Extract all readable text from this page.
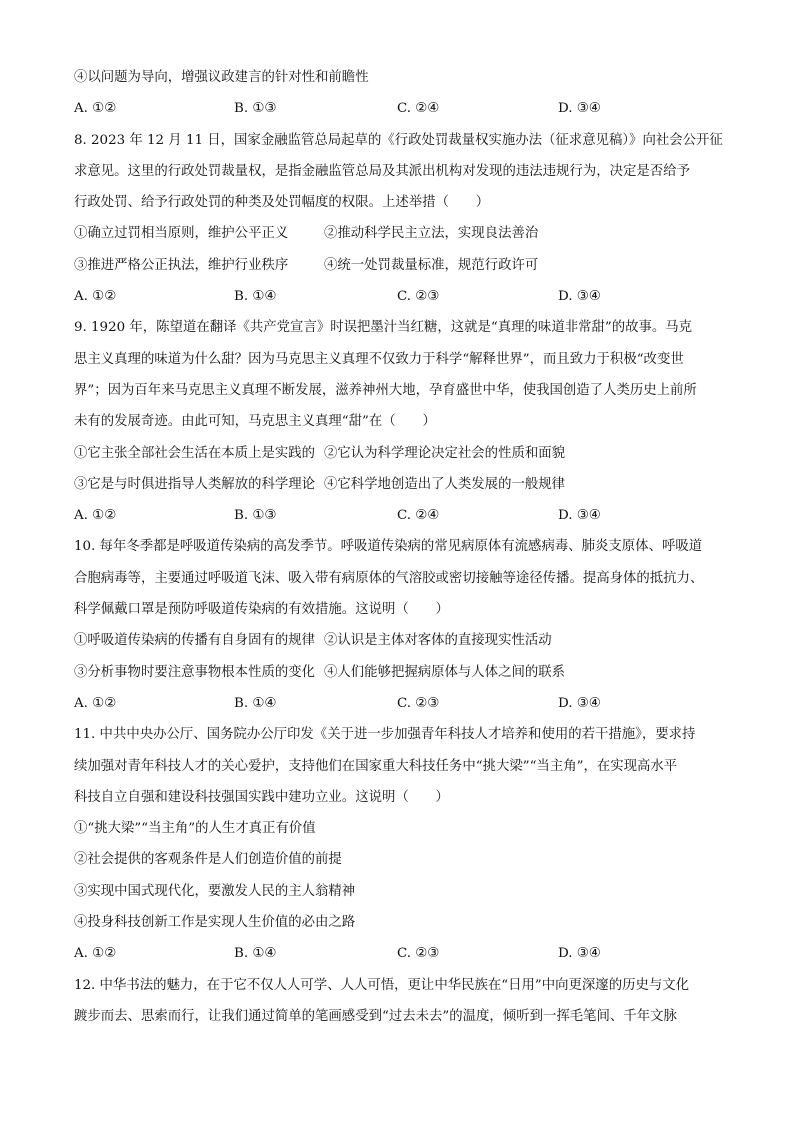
④以问题为导向，增强议政建言的针对性和前瞻性
A. ①②	B. ①③	C. ②④	D. ③④
8. 2023 年 12 月 11 日，国家金融监管总局起草的《行政处罚裁量权实施办法（征求意见稿）》向社会公开征
求意见。这里的行政处罚裁量权，是指金融监管总局及其派出机构对发现的违法违规行为，决定是否给予
行政处罚、给予行政处罚的种类及处罚幅度的权限。上述举措（　　）
①确立过罚相当原则，维护公平正义	②推动科学民主立法，实现良法善治
③推进严格公正执法，维护行业秩序	④统一处罚裁量标准，规范行政许可
A. ①②	B. ①④	C. ②③	D. ③④
9. 1920 年，陈望道在翻译《共产党宣言》时误把墨汁当红糖，这就是“真理的味道非常甜”的故事。马克
思主义真理的味道为什么甜？因为马克思主义真理不仅致力于科学“解释世界”，而且致力于积极“改变世
界”；因为百年来马克思主义真理不断发展，滋养神州大地，孕育盛世中华，使我国创造了人类历史上前所
未有的发展奇迹。由此可知，马克思主义真理“甜”在（　　）
①它主张全部社会生活在本质上是实践的 ②它认为科学理论决定社会的性质和面貌
③它是与时俱进指导人类解放的科学理论 ④它科学地创造出了人类发展的一般规律
A. ①②	B. ①③	C. ②④	D. ③④
10. 每年冬季都是呼吸道传染病的高发季节。呼吸道传染病的常见病原体有流感病毒、肺炎支原体、呼吸道
合胞病毒等，主要通过呼吸道飞沫、吸入带有病原体的气溶胶或密切接触等途径传播。提高身体的抵抗力、
科学佩戴口罩是预防呼吸道传染病的有效措施。这说明（　　）
①呼吸道传染病的传播有自身固有的规律 ②认识是主体对客体的直接现实性活动
③分析事物时要注意事物根本性质的变化 ④人们能够把握病原体与人体之间的联系
A. ①②	B. ①④	C. ②③	D. ③④
11. 中共中央办公厅、国务院办公厅印发《关于进一步加强青年科技人才培养和使用的若干措施》，要求持
续加强对青年科技人才的关心爱护，支持他们在国家重大科技任务中“挑大梁”“当主角”，在实现高水平
科技自立自强和建设科技强国实践中建功立业。这说明（　　）
①“挑大梁”“当主角”的人生才真正有价值
②社会提供的客观条件是人们创造价值的前提
③实现中国式现代化，要激发人民的主人翁精神
④投身科技创新工作是实现人生价值的必由之路
A. ①②	B. ①④	C. ②③	D. ③④
12. 中华书法的魅力，在于它不仅人人可学、人人可悟，更让中华民族在“日用”中向更深邃的历史与文化
踱步而去、思索而行，让我们通过简单的笔画感受到“过去未去”的温度，倾听到一挥毛笔间、千年文脉
